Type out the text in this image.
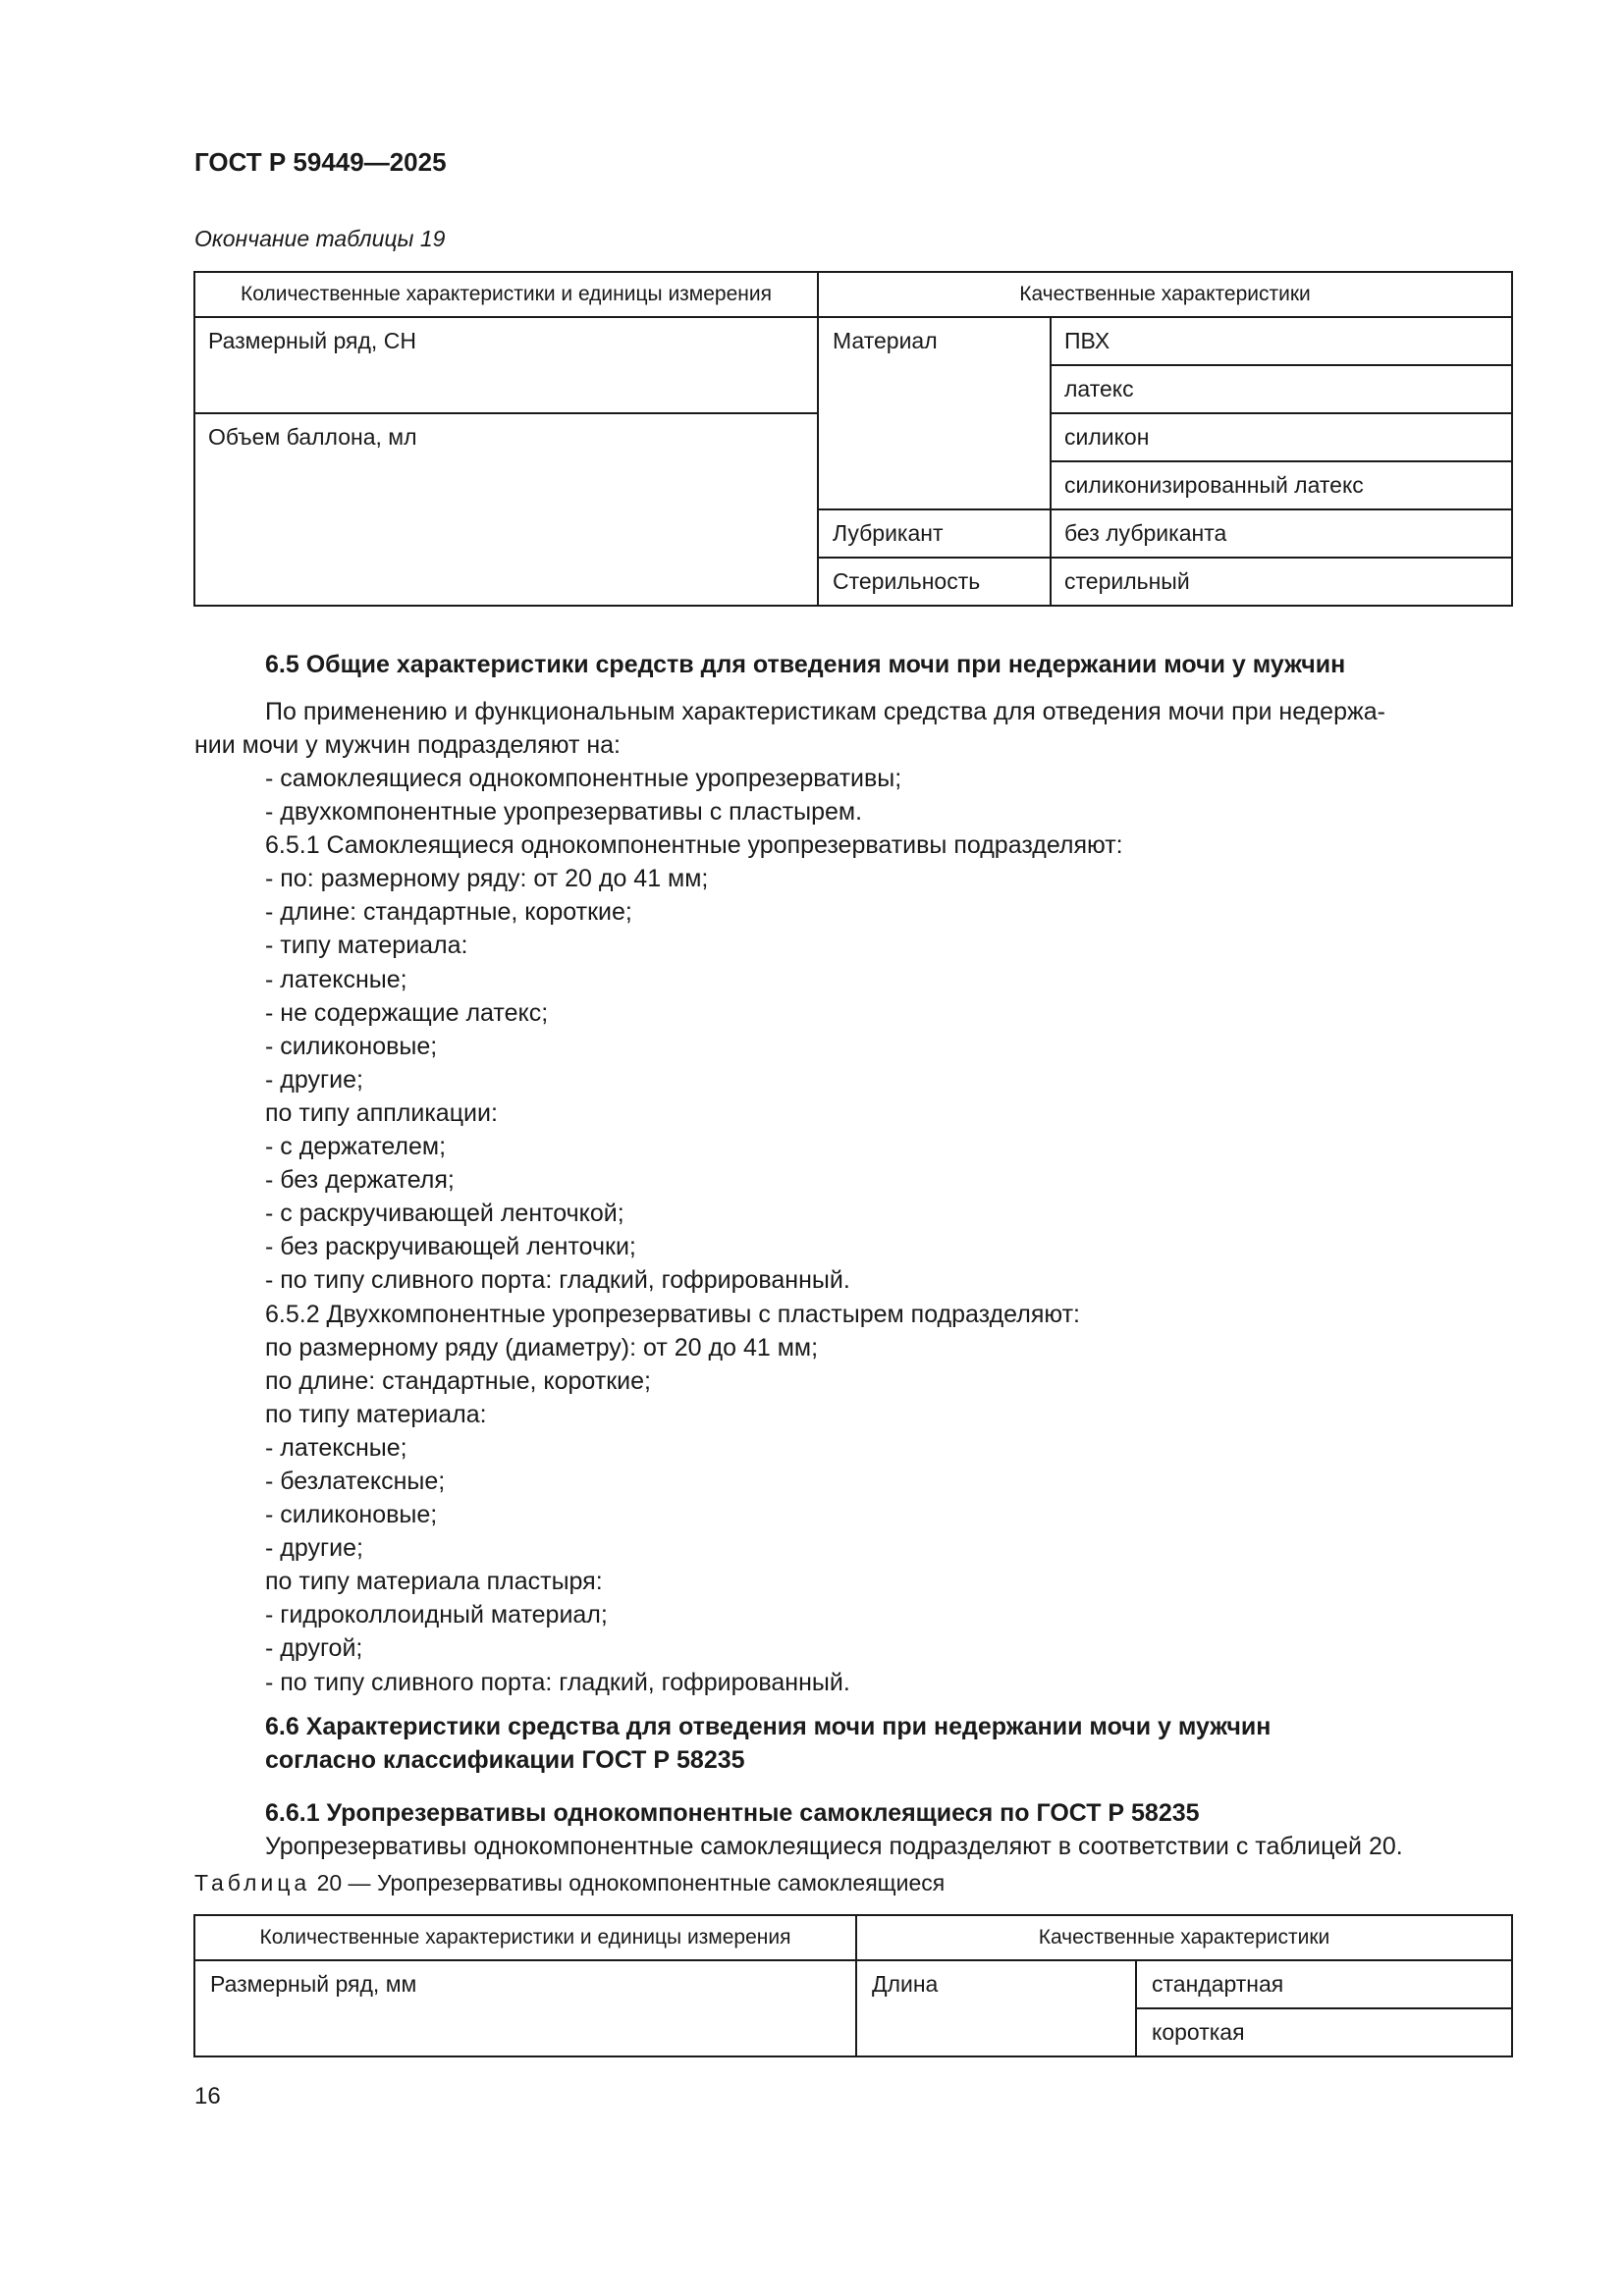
ГОСТ Р 59449—2025
Окончание таблицы 19
Количественные характеристики и единицы измерения	Качественные характеристики	
Размерный ряд, СН	Материал	ПВХ
		латекс
Объем баллона, мл		силикон
		силиконизированный латекс
	Лубрикант	без лубриканта
	Стерильность	стерильный
6.5 Общие характеристики средств для отведения мочи при недержании мочи у мужчин

По применению и функциональным характеристикам средства для отведения мочи при недержа-

нии мочи у мужчин подразделяют на:

- самоклеящиеся однокомпонентные уропрезервативы;

- двухкомпонентные уропрезервативы с пластырем.

6.5.1 Самоклеящиеся однокомпонентные уропрезервативы подразделяют:

- по: размерному ряду: от 20 до 41 мм;

- длине: стандартные, короткие;

- типу материала:

- латексные;

- не содержащие латекс;

- силиконовые;

- другие;

по типу аппликации:

- с держателем;

- без держателя;

- с раскручивающей ленточкой;

- без раскручивающей ленточки;

- по типу сливного порта: гладкий, гофрированный.

6.5.2 Двухкомпонентные уропрезервативы с пластырем подразделяют:

по размерному ряду (диаметру): от 20 до 41 мм;

по длине: стандартные, короткие;

по типу материала:

- латексные;

- безлатексные;

- силиконовые;

- другие;

по типу материала пластыря:

- гидроколлоидный материал;

- другой;

- по типу сливного порта: гладкий, гофрированный.

6.6 Характеристики средства для отведения мочи при недержании мочи у мужчин
согласно классификации ГОСТ Р 58235
6.6.1 Уропрезервативы однокомпонентные самоклеящиеся по ГОСТ Р 58235

Уропрезервативы однокомпонентные самоклеящиеся подразделяют в соответствии с таблицей 20.

Таблица 20 — Уропрезервативы однокомпонентные самоклеящиеся
Количественные характеристики и единицы измерения	Качественные характеристики	
Размерный ряд, мм	Длина	стандартная
		короткая
16
